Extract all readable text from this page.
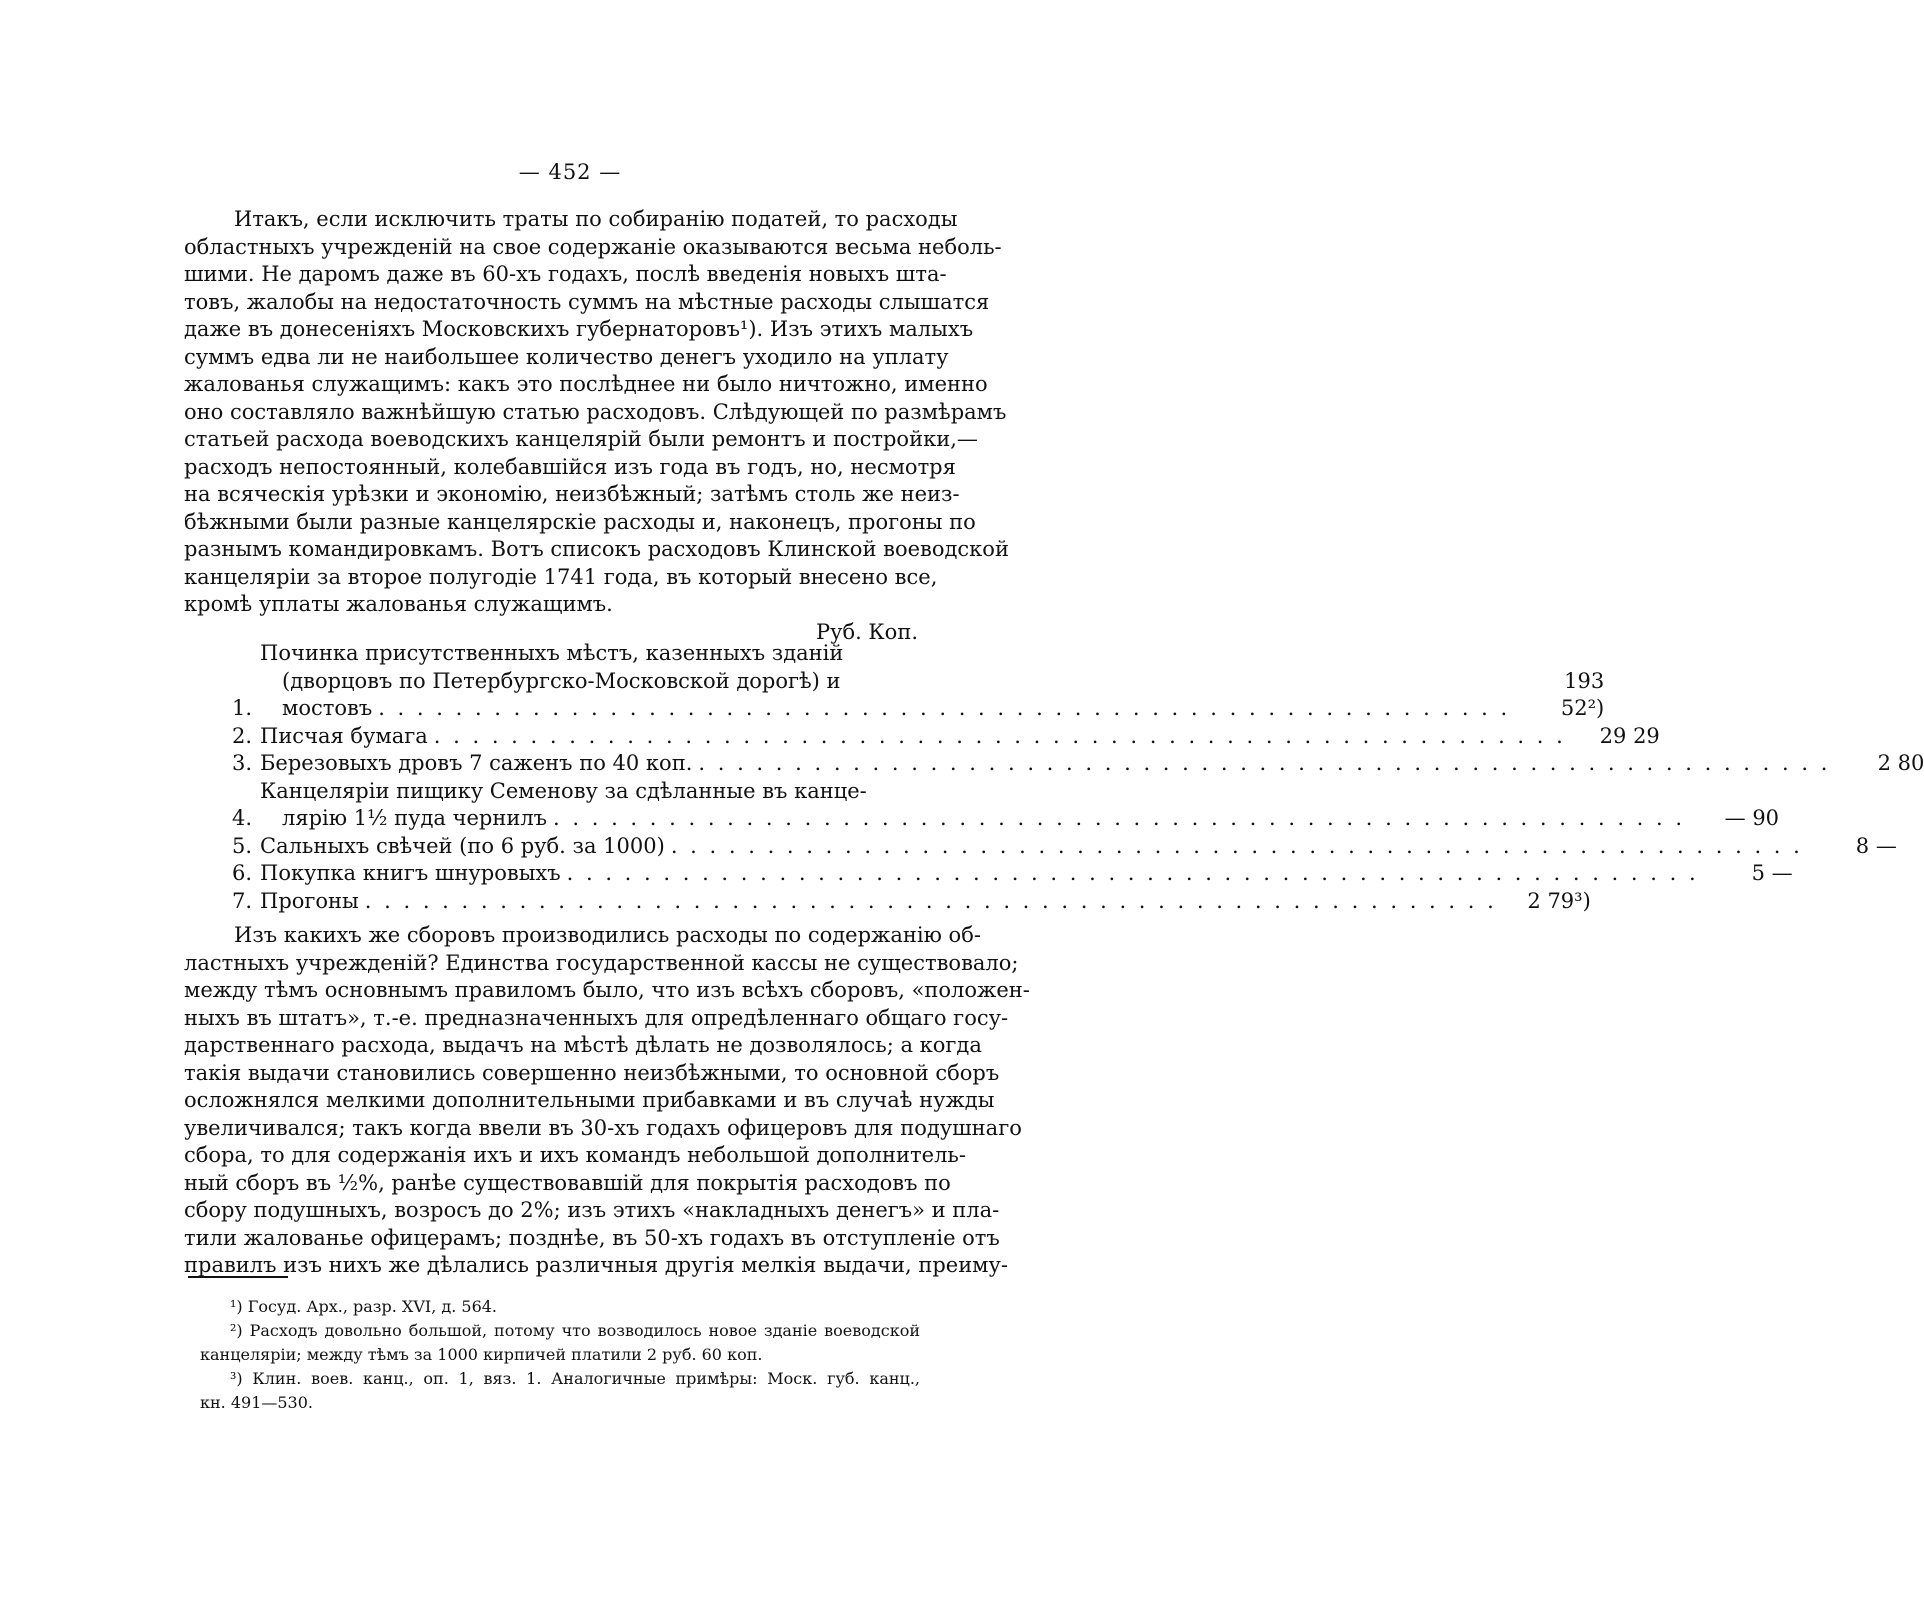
— 452 —
Итакъ, если исключить траты по собиранію податей, то расходы
областныхъ учрежденій на свое содержаніе оказываются весьма неболь-
шими. Не даромъ даже въ 60-хъ годахъ, послѣ введенія новыхъ шта-
товъ, жалобы на недостаточность суммъ на мѣстные расходы слышатся
даже въ донесеніяхъ Московскихъ губернаторовъ¹). Изъ этихъ малыхъ
суммъ едва ли не наибольшее количество денегъ уходило на уплату
жалованья служащимъ: какъ это послѣднее ни было ничтожно, именно
оно составляло важнѣйшую статью расходовъ. Слѣдующей по размѣрамъ
статьей расхода воеводскихъ канцелярій были ремонтъ и постройки,—
расходъ непостоянный, колебавшійся изъ года въ годъ, но, несмотря
на всяческія урѣзки и экономію, неизбѣжный; затѣмъ столь же неиз-
бѣжными были разные канцелярскіе расходы и, наконецъ, прогоны по
разнымъ командировкамъ. Вотъ списокъ расходовъ Клинской воеводской
канцеляріи за второе полугодіе 1741 года, въ который внесено все,
кромѣ уплаты жалованья служащимъ.
Руб. Коп.
1.
Починка присутственныхъ мѣстъ, казенныхъ зданій
(дворцовъ по Петербургско-Московской дорогѣ) и
мостовъ
. . .
193 52²)
2. Писчая бумага . . .	29 29
3. Березовыхъ дровъ 7 саженъ по 40 коп. . . .	2 80
4.
Канцеляріи пищику Семенову за сдѣланные въ канце-
лярію 1½ пуда чернилъ . . .	— 90
5. Сальныхъ свѣчей (по 6 руб. за 1000) . . .	8 —
6. Покупка книгъ шнуровыхъ . . .	5 —
7. Прогоны . . .	2 79³)
Изъ какихъ же сборовъ производились расходы по содержанію об-
ластныхъ учрежденій? Единства государственной кассы не существовало;
между тѣмъ основнымъ правиломъ было, что изъ всѣхъ сборовъ, «положен-
ныхъ въ штатъ», т.-е. предназначенныхъ для опредѣленнаго общаго госу-
дарственнаго расхода, выдачъ на мѣстѣ дѣлать не дозволялось; а когда
такія выдачи становились совершенно неизбѣжными, то основной сборъ
осложнялся мелкими дополнительными прибавками и въ случаѣ нужды
увеличивался; такъ когда ввели въ 30-хъ годахъ офицеровъ для подушнаго
сбора, то для содержанія ихъ и ихъ командъ небольшой дополнитель-
ный сборъ въ ½%, ранѣе существовавшій для покрытія расходовъ по
сбору подушныхъ, возросъ до 2%; изъ этихъ «накладныхъ денегъ» и пла-
тили жалованье офицерамъ; позднѣе, въ 50-хъ годахъ въ отступленіе отъ
правилъ изъ нихъ же дѣлались различныя другія мелкія выдачи, преиму-

¹) Госуд. Арх., разр. XVI, д. 564.

²) Расходъ довольно большой, потому что возводилось новое зданіе воеводской
канцеляріи; между тѣмъ за 1000 кирпичей платили 2 руб. 60 коп.

³) Клин. воев. канц., оп. 1, вяз. 1. Аналогичные примѣры: Моск. губ. канц.,
кн. 491—530.
